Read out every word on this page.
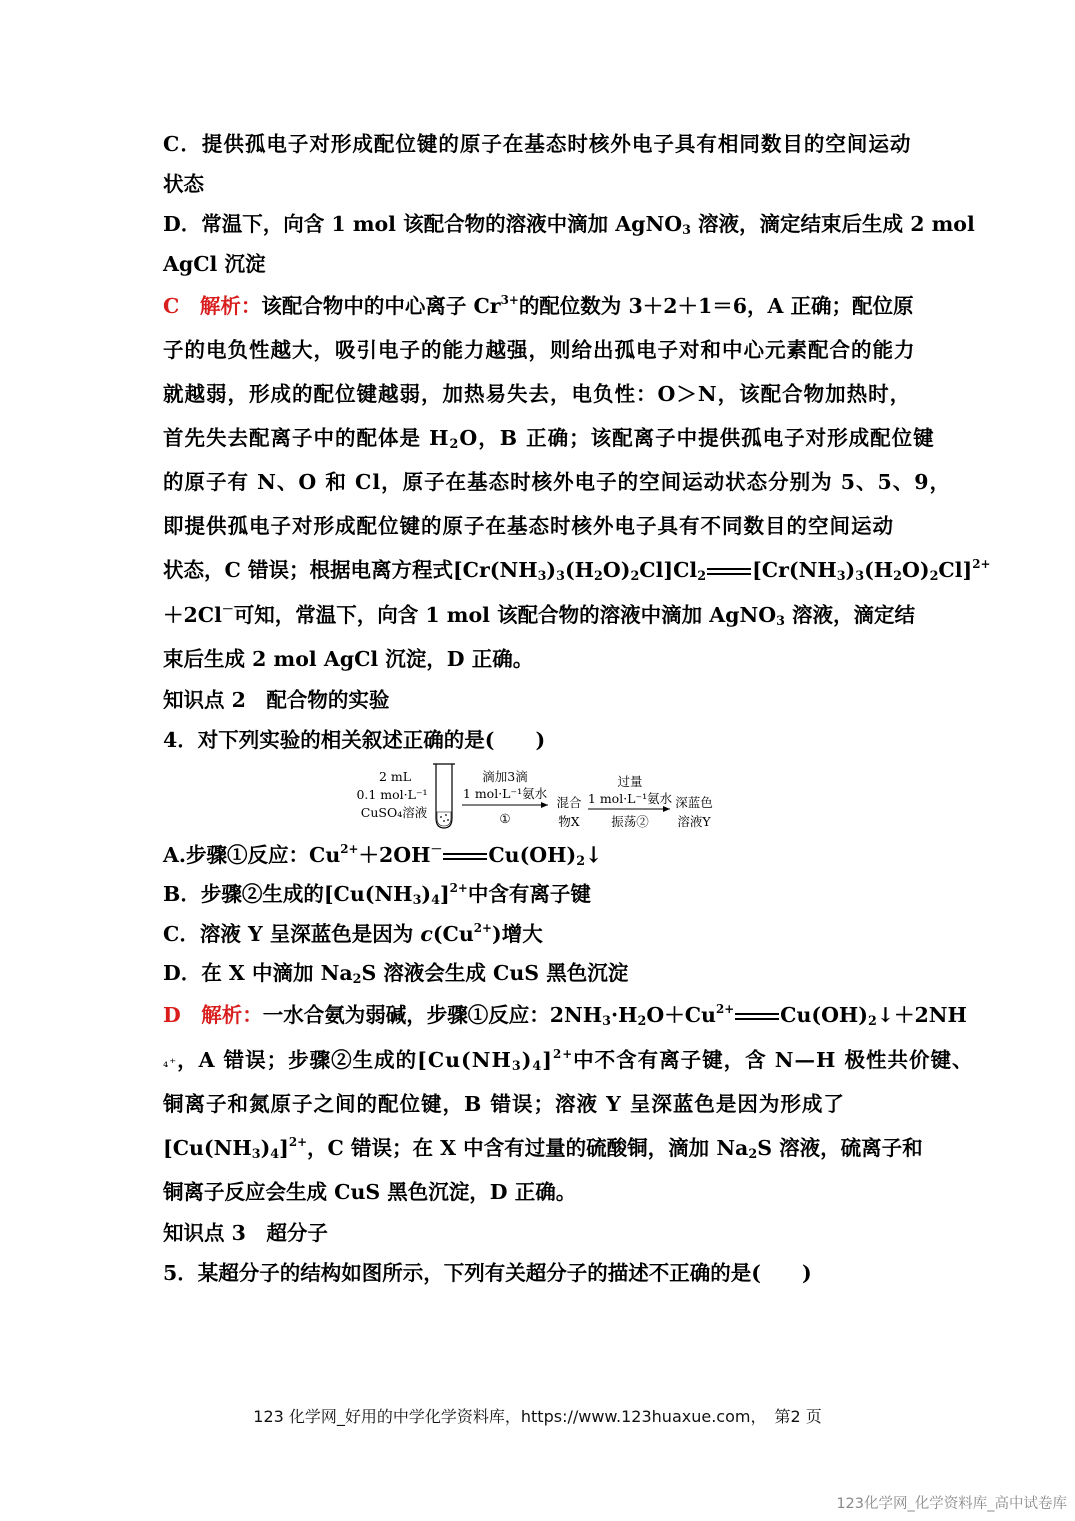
C．提供孤电子对形成配位键的原子在基态时核外电子具有相同数目的空间运动
状态
D．常温下，向含 1 mol 该配合物的溶液中滴加 AgNO$_3$ 溶液，滴定结束后生成 2 mol
AgCl 沉淀
C　 解析：该配合物中的中心离子 $Cr^{3+}$的配位数为 3＋2＋1＝6，A 正确；配位原
子的电负性越大，吸引电子的能力越强，则给出孤电子对和中心元素配合的能力
就越弱，形成的配位键越弱，加热易失去，电负性：O＞N，该配合物加热时，
首先失去配离子中的配体是 $H_2O$，B 正确；该配离子中提供孤电子对形成配位键
的原子有 N、O 和 Cl，原子在基态时核外电子的空间运动状态分别为 5、5、9，
即提供孤电子对形成配位键的原子在基态时核外电子具有不同数目的空间运动
状态，C 错误；根据电离方程式$[Cr(NH_3)_3(H_2O)_2Cl]Cl_2$ $[Cr(NH_3)_3(H_2O)_2Cl]^{2+}$
＋2Cl－可知，常温下，向含 1 mol 该配合物的溶液中滴加 AgNO$_3$ 溶液，滴定结
束后生成 2 mol AgCl 沉淀，D 正确。
知识点 2　配合物的实验
4．对下列实验的相关叙述正确的是(　　)
2 mL
0.1 mol·L⁻¹
CuSO₄溶液
滴加3滴
1 mol·L⁻¹氨水
①
混合
物X
过量
1 mol·L⁻¹氨水
振荡②
深蓝色
溶液Y
A.步骤①反应：$Cu^{2+}+2OH^-$ $Cu(OH)_2↓$
B．步骤②生成的$[Cu(NH_3)_4]^{2+}$中含有离子键
C．溶液 Y 呈深蓝色是因为 $c(Cu^{2+})$增大
D．在 X 中滴加 $Na_2S$ 溶液会生成 CuS 黑色沉淀
D　 解析：一水合氨为弱碱，步骤①反应：$2NH_3\cdot H_2O+Cu^{2+}$ $Cu(OH)_2↓+2NH$
₄⁺，A 错误；步骤②生成的$[Cu(NH_3)_4]^{2+}$中不含有离子键，含 N—H 极性共价键、
铜离子和氮原子之间的配位键，B 错误；溶液 Y 呈深蓝色是因为形成了
$[Cu(NH_3)_4]^{2+}$，C 错误；在 X 中含有过量的硫酸铜，滴加 $Na_2S$ 溶液，硫离子和
铜离子反应会生成 CuS 黑色沉淀，D 正确。
知识点 3　超分子
5．某超分子的结构如图所示，下列有关超分子的描述不正确的是(　　)
123 化学网_好用的中学化学资料库，https://www.123huaxue.com，　第2 页
123化学网_化学资料库_高中试卷库
